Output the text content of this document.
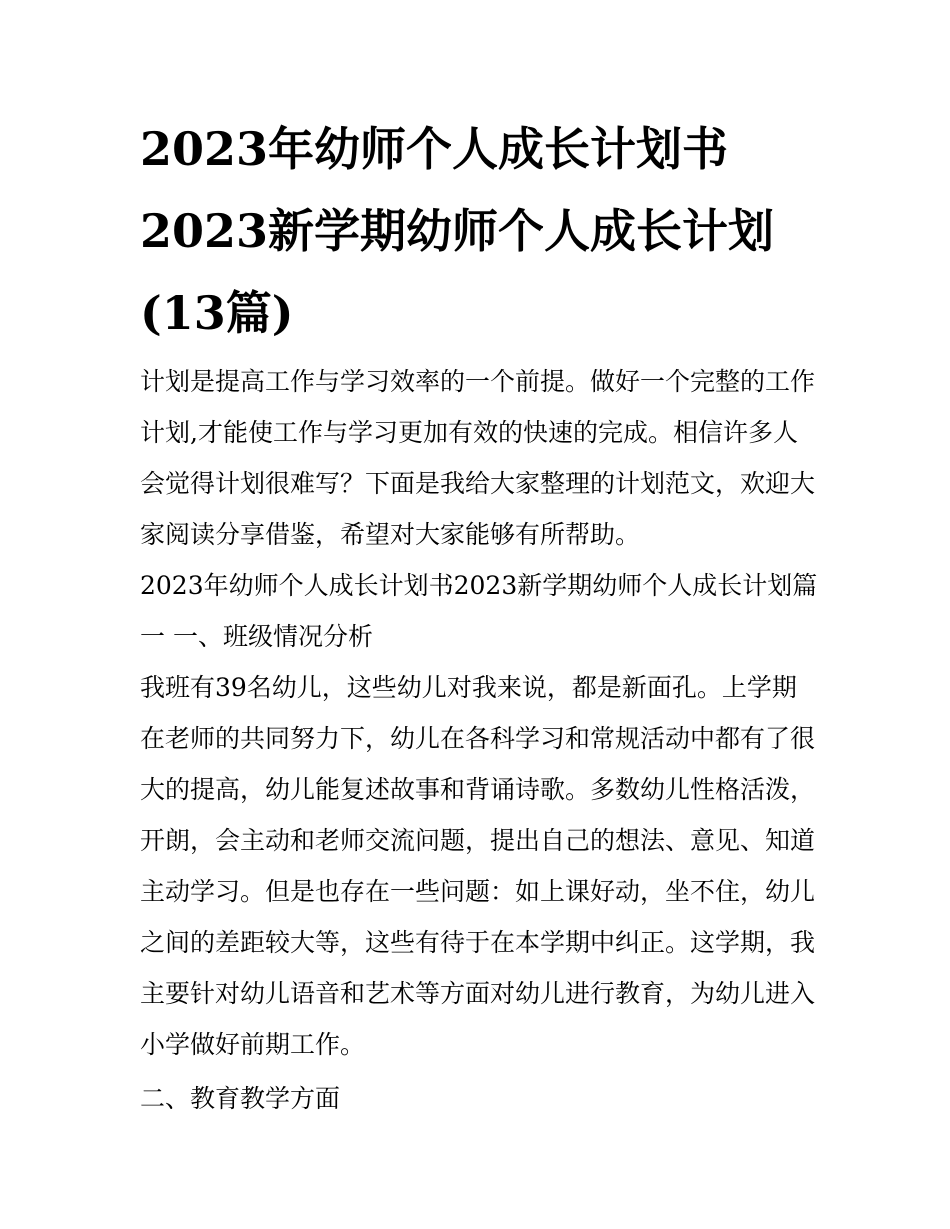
2023年幼师个人成长计划书
2023新学期幼师个人成长计划
(13篇)
计划是提高工作与学习效率的一个前提。做好一个完整的工作
计划,才能使工作与学习更加有效的快速的完成。相信许多人
会觉得计划很难写？下面是我给大家整理的计划范文，欢迎大
家阅读分享借鉴，希望对大家能够有所帮助。
2023年幼师个人成长计划书2023新学期幼师个人成长计划篇
一 一、班级情况分析
我班有39名幼儿，这些幼儿对我来说，都是新面孔。上学期
在老师的共同努力下，幼儿在各科学习和常规活动中都有了很
大的提高，幼儿能复述故事和背诵诗歌。多数幼儿性格活泼，
开朗，会主动和老师交流问题，提出自己的想法、意见、知道
主动学习。但是也存在一些问题：如上课好动，坐不住，幼儿
之间的差距较大等，这些有待于在本学期中纠正。这学期，我
主要针对幼儿语音和艺术等方面对幼儿进行教育，为幼儿进入
小学做好前期工作。
二、教育教学方面
